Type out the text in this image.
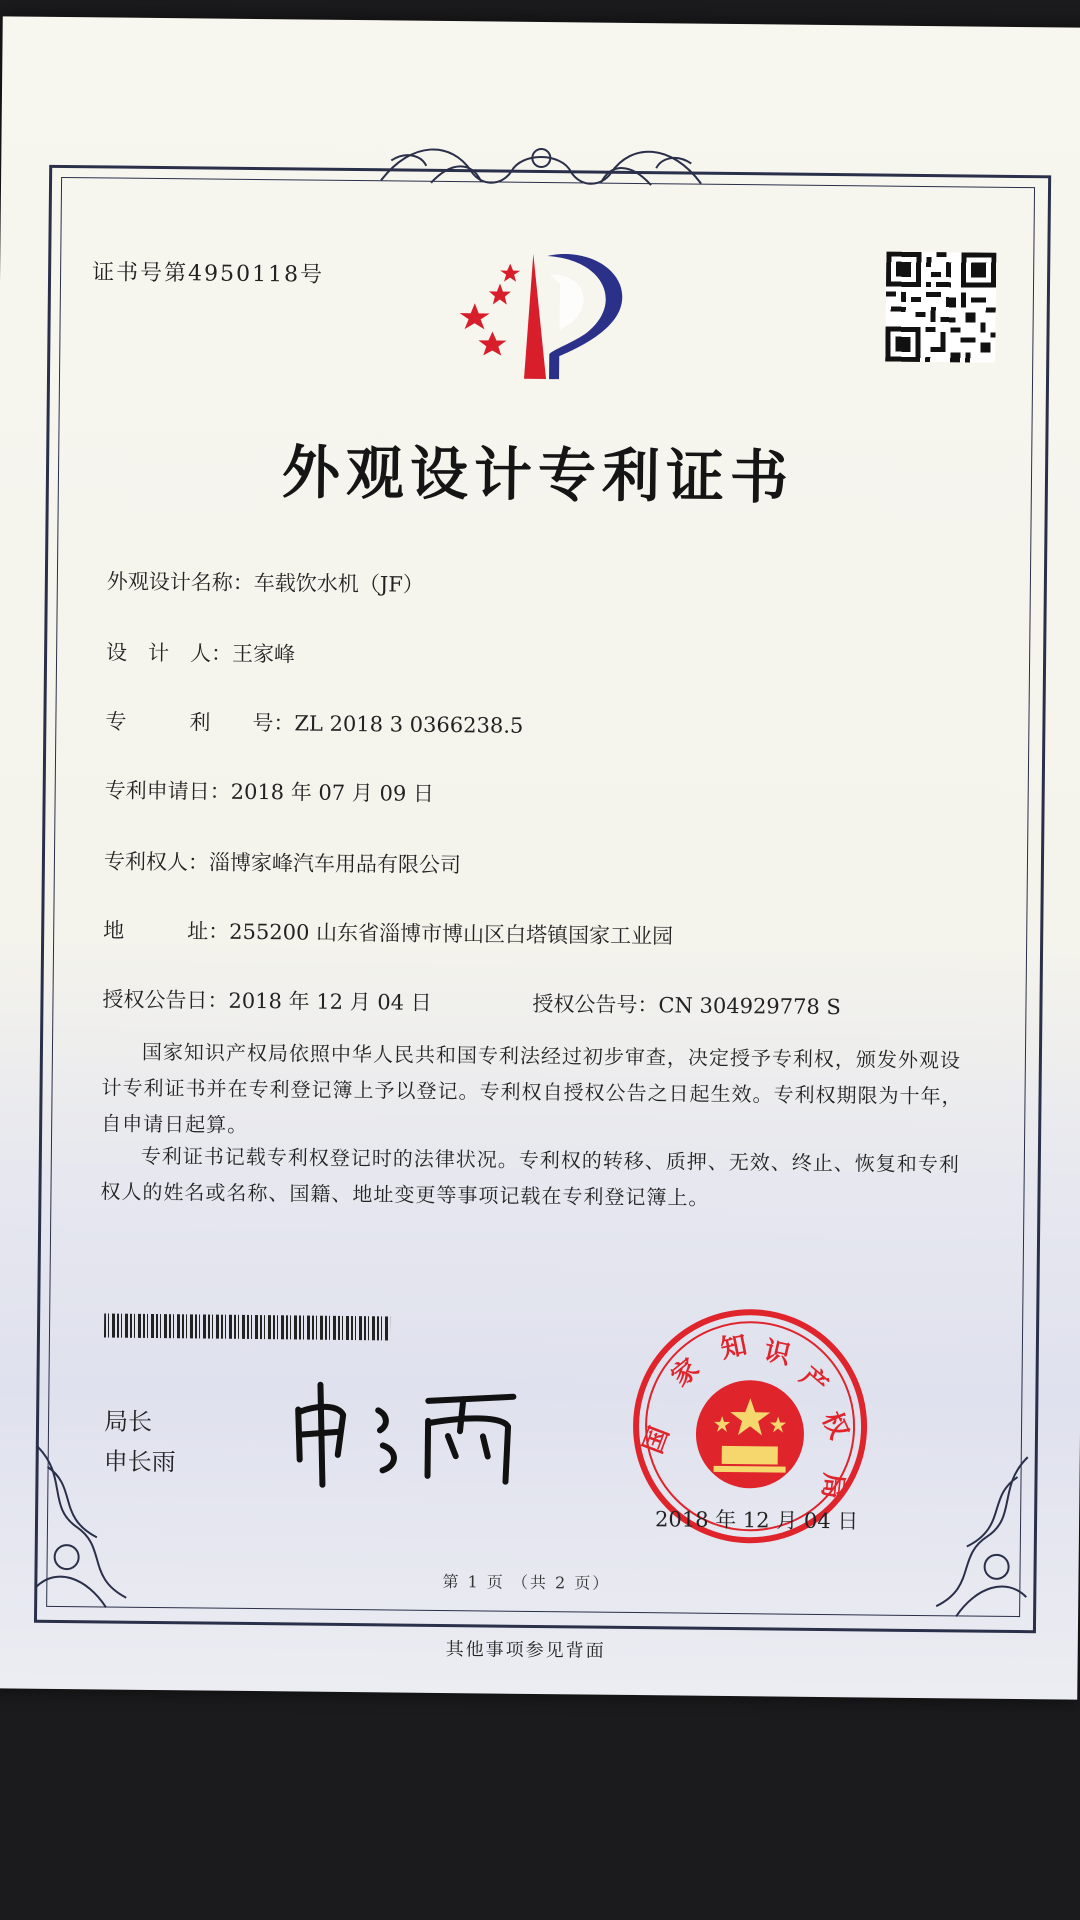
证书号第4950118号
外观设计专利证书
外观设计名称：车载饮水机（JF）
设　计　人：王家峰
专　　　利　　号：ZL 2018 3 0366238.5
专利申请日：2018 年 07 月 09 日
专利权人：淄博家峰汽车用品有限公司
地　　　址：255200 山东省淄博市博山区白塔镇国家工业园
授权公告日：2018 年 12 月 04 日	授权公告号：CN 304929778 S
国家知识产权局依照中华人民共和国专利法经过初步审查，决定授予专利权，颁发外观设计专利证书并在专利登记簿上予以登记。专利权自授权公告之日起生效。专利权期限为十年，自申请日起算。
专利证书记载专利权登记时的法律状况。专利权的转移、质押、无效、终止、恢复和专利权人的姓名或名称、国籍、地址变更等事项记载在专利登记簿上。
局长
申长雨
国
家
知 识
产
权
局
2018 年 12 月 04 日
第 1 页 （共 2 页）
其他事项参见背面
